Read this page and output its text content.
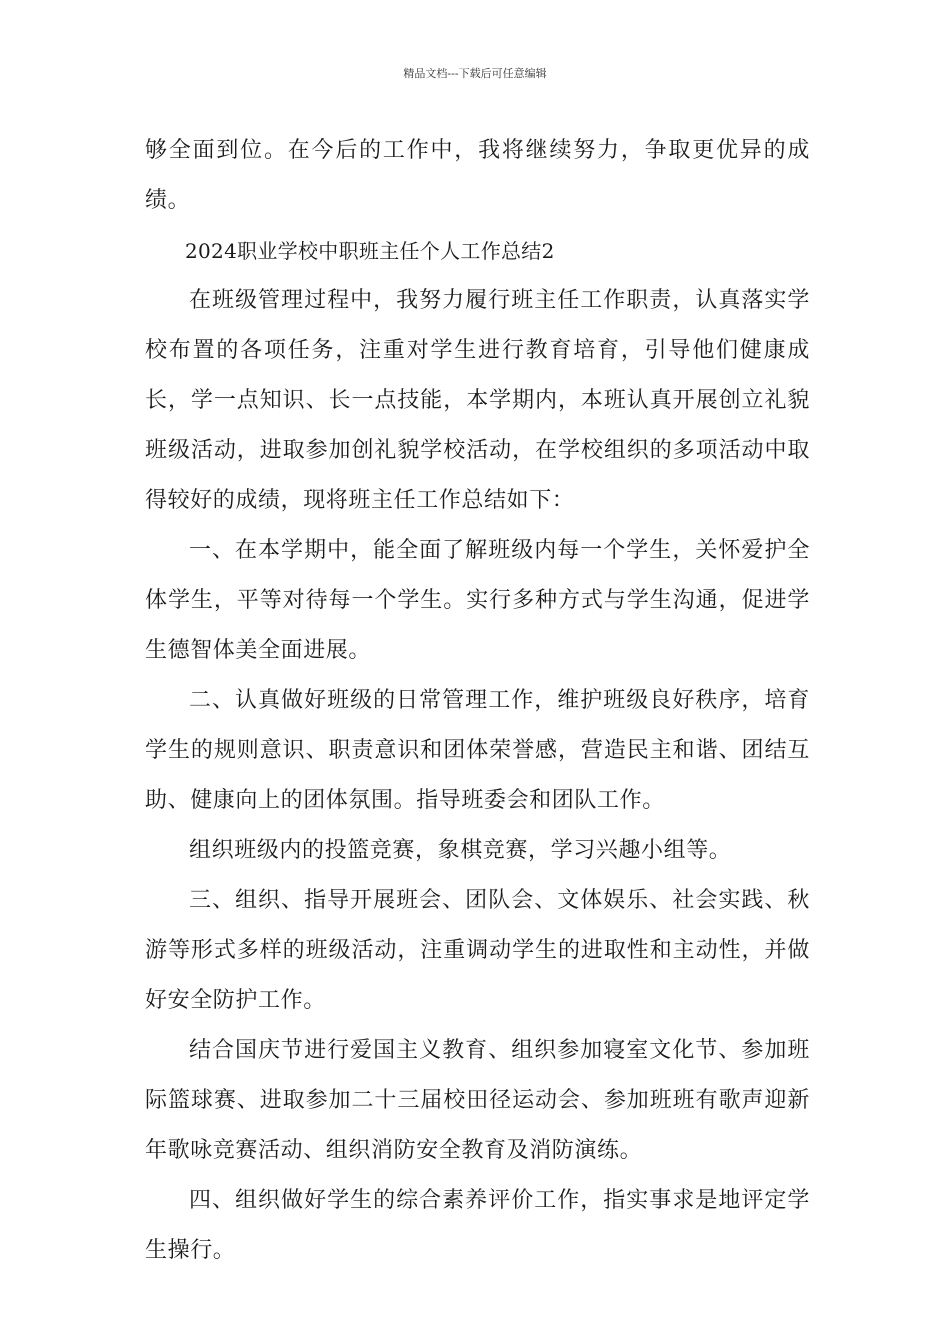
精品文档---下载后可任意编辑

够全面到位。在今后的工作中，我将继续努力，争取更优异的成绩。

2024职业学校中职班主任个人工作总结2

在班级管理过程中，我努力履行班主任工作职责，认真落实学校布置的各项任务，注重对学生进行教育培育，引导他们健康成长，学一点知识、长一点技能，本学期内，本班认真开展创立礼貌班级活动，进取参加创礼貌学校活动，在学校组织的多项活动中取得较好的成绩，现将班主任工作总结如下：

一、在本学期中，能全面了解班级内每一个学生，关怀爱护全体学生，平等对待每一个学生。实行多种方式与学生沟通，促进学生德智体美全面进展。

二、认真做好班级的日常管理工作，维护班级良好秩序，培育学生的规则意识、职责意识和团体荣誉感，营造民主和谐、团结互助、健康向上的团体氛围。指导班委会和团队工作。

组织班级内的投篮竞赛，象棋竞赛，学习兴趣小组等。

三、组织、指导开展班会、团队会、文体娱乐、社会实践、秋游等形式多样的班级活动，注重调动学生的进取性和主动性，并做好安全防护工作。

结合国庆节进行爱国主义教育、组织参加寝室文化节、参加班际篮球赛、进取参加二十三届校田径运动会、参加班班有歌声迎新年歌咏竞赛活动、组织消防安全教育及消防演练。

四、组织做好学生的综合素养评价工作，指实事求是地评定学生操行。
